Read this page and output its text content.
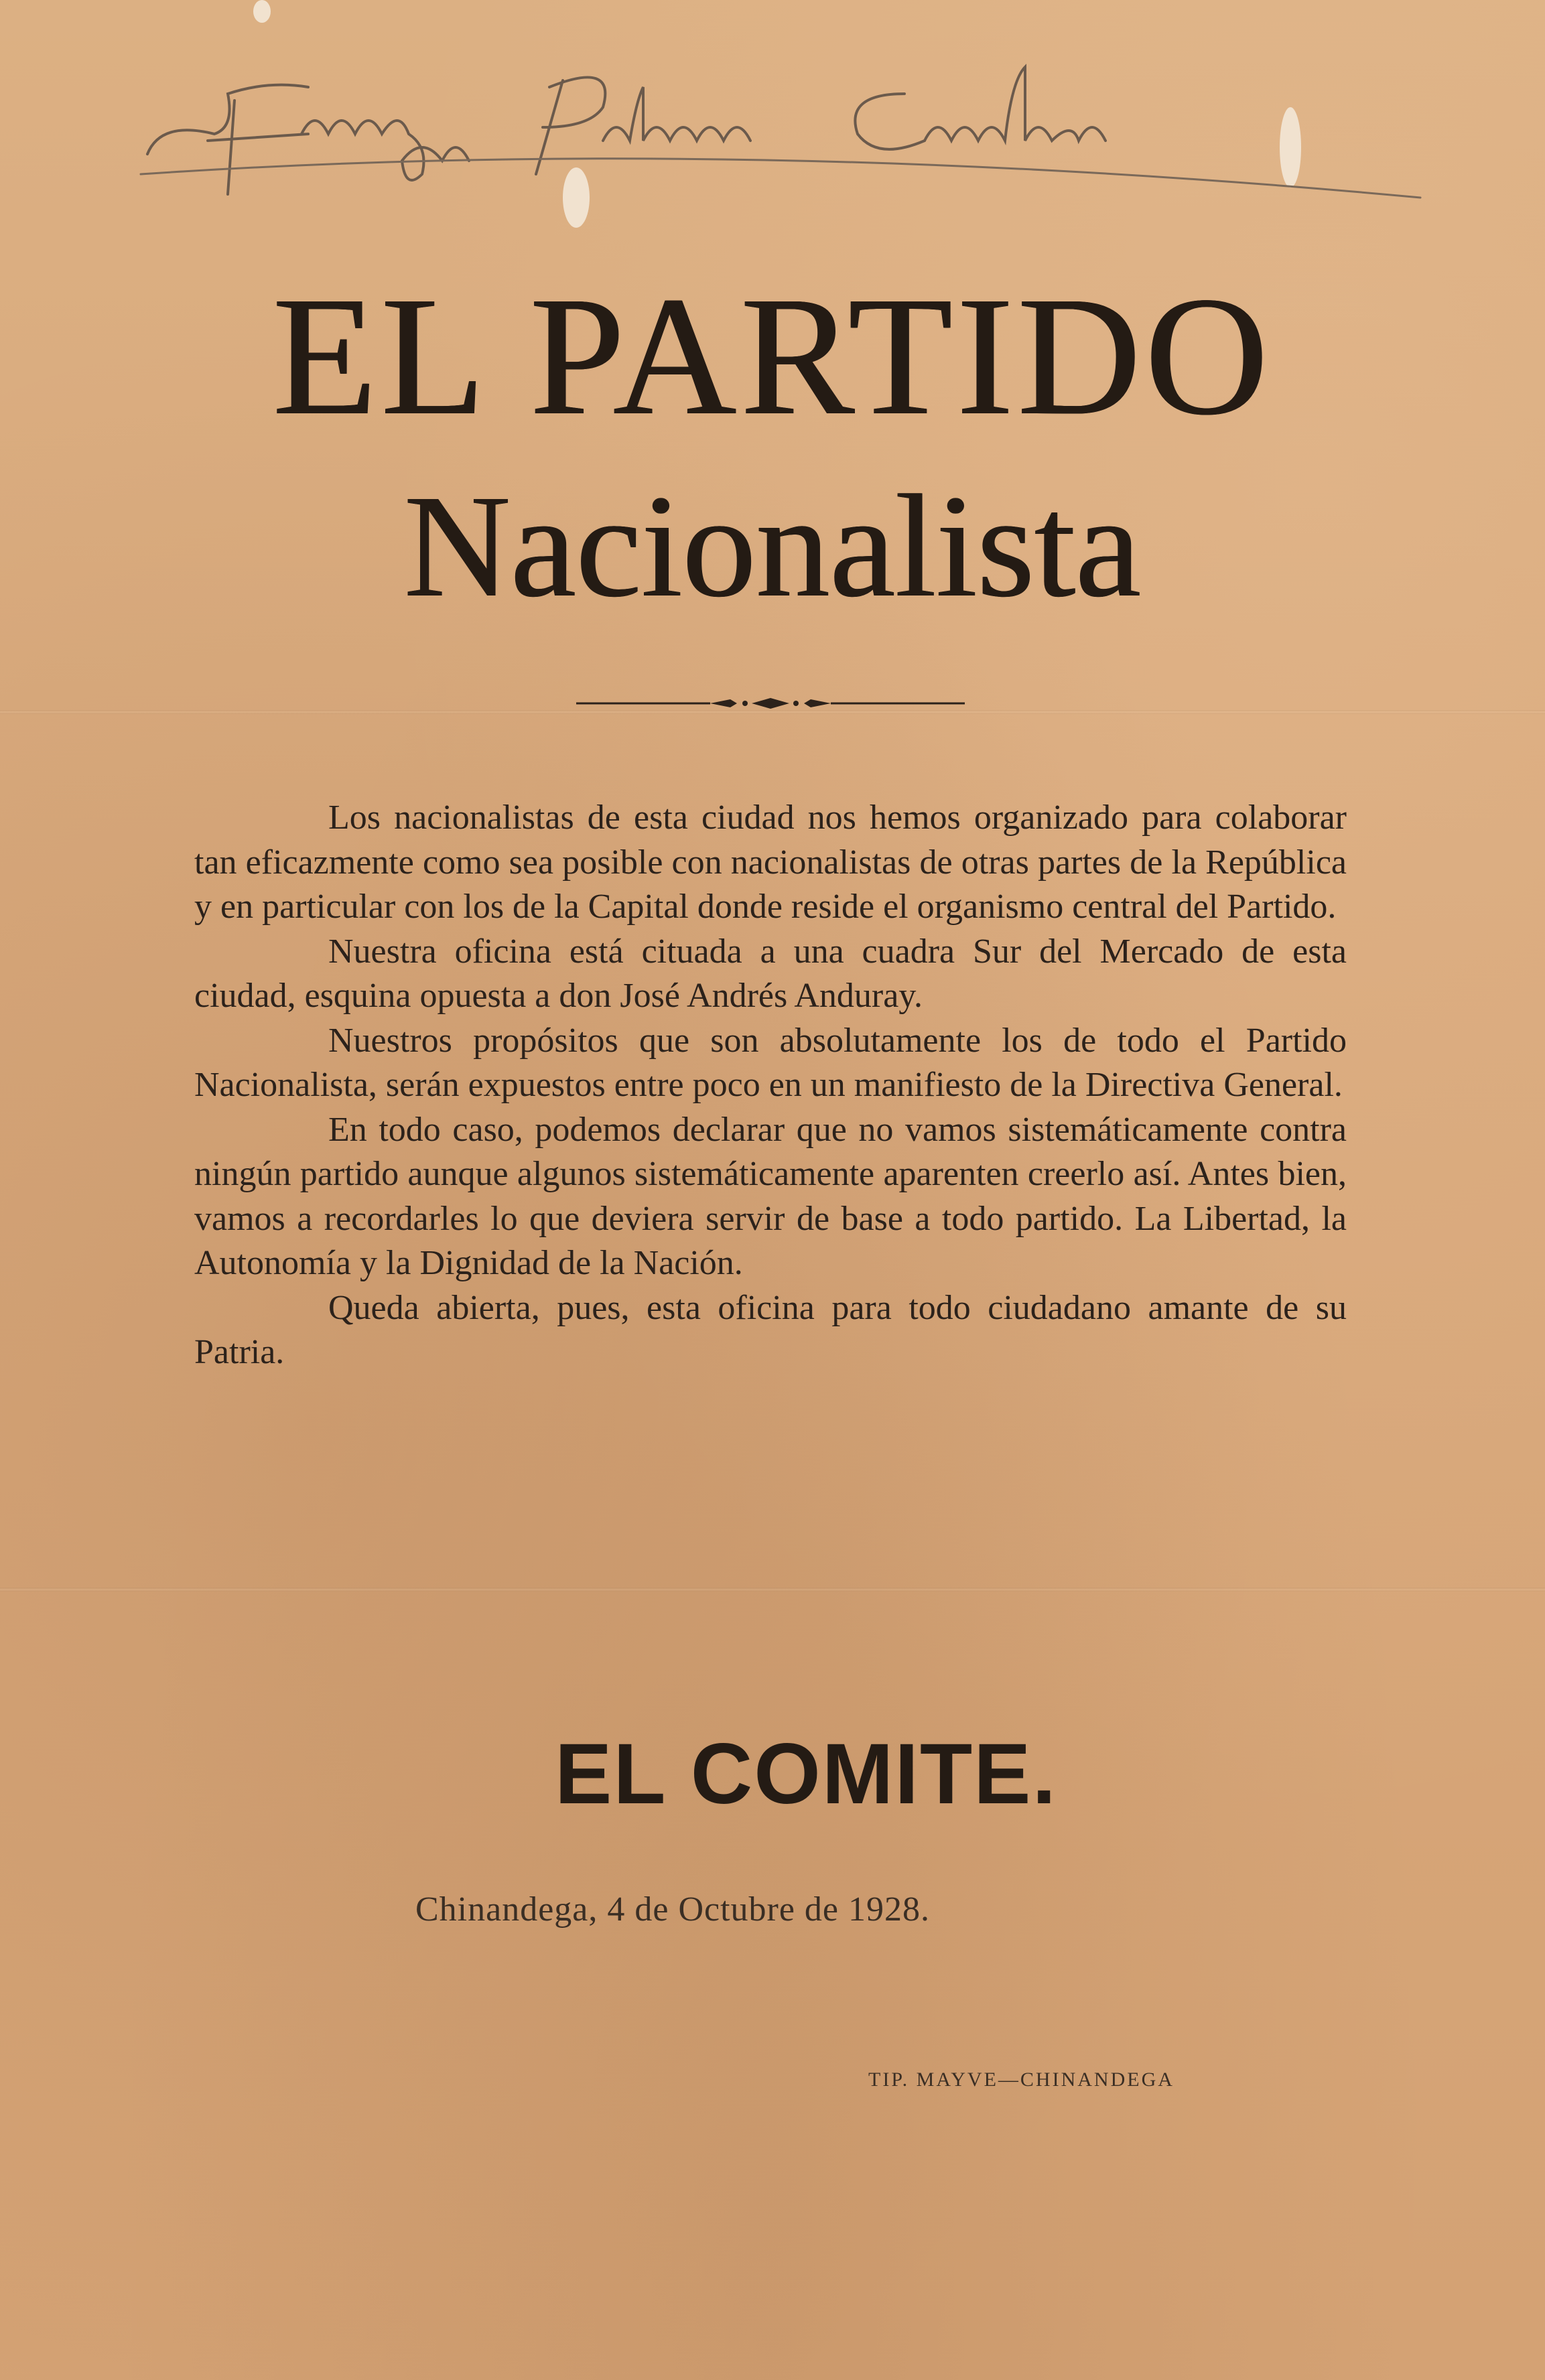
EL PARTIDO
Nacionalista

Los nacionalistas de esta ciudad nos hemos organizado para colaborar tan eficazmente como sea posible con nacionalistas de otras partes de la República y en particular con los de la Capital donde reside el organismo central del Partido.

Nuestra oficina está cituada a una cuadra Sur del Mercado de esta ciudad, esquina opuesta a don José Andrés Anduray.

Nuestros propósitos que son absolutamente los de todo el Partido Nacionalista, serán expuestos entre poco en un manifiesto de la Directiva General.

En todo caso, podemos declarar que no vamos sistemáticamente contra ningún partido aunque algunos sistemáticamente aparenten creerlo así. Antes bien, vamos a recordarles lo que deviera servir de base a todo partido. La Libertad, la Autonomía y la Dignidad de la Nación.

Queda abierta, pues, esta oficina para todo ciudadano amante de su Patria.

EL COMITE.

Chinandega, 4 de Octubre de 1928.

TIP. MAYVE—CHINANDEGA
